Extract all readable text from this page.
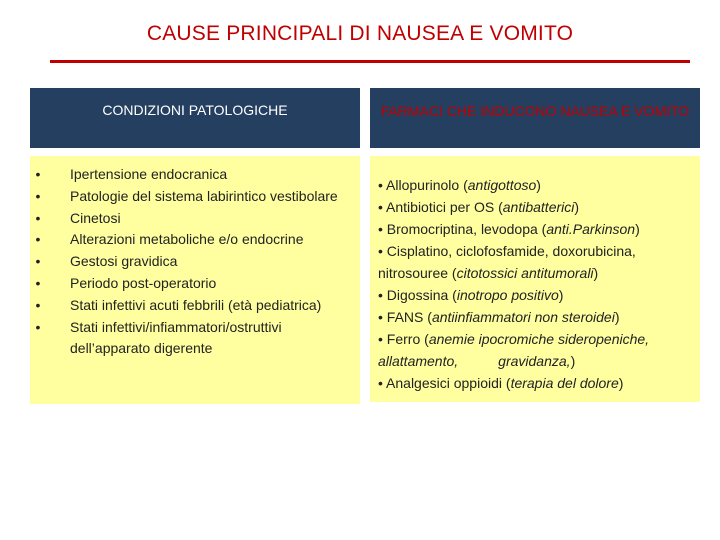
CAUSE PRINCIPALI DI NAUSEA E VOMITO
CONDIZIONI PATOLOGICHE	FARMACI CHE INDUCONO NAUSEA E VOMITO
• Ipertensione endocranica
• Patologie del sistema labirintico vestibolare
• Cinetosi
• Alterazioni metaboliche e/o endocrine
• Gestosi gravidica
• Periodo post-operatorio
• Stati infettivi acuti febbrili (età pediatrica)
• Stati infettivi/infiammatori/ostruttivi dell’apparato digerente
• Allopurinolo (antigottoso)
• Antibiotici per OS (antibatterici)
• Bromocriptina, levodopa (anti.Parkinson)
• Cisplatino, ciclofosfamide, doxorubicina,
nitrosouree (citotossici antitumorali)
• Digossina (inotropo positivo)
• FANS (antiinfiammatori non steroidei)
• Ferro (anemie ipocromiche sideropeniche,
allattamento,	gravidanza,)
• Analgesici oppioidi (terapia del dolore)
